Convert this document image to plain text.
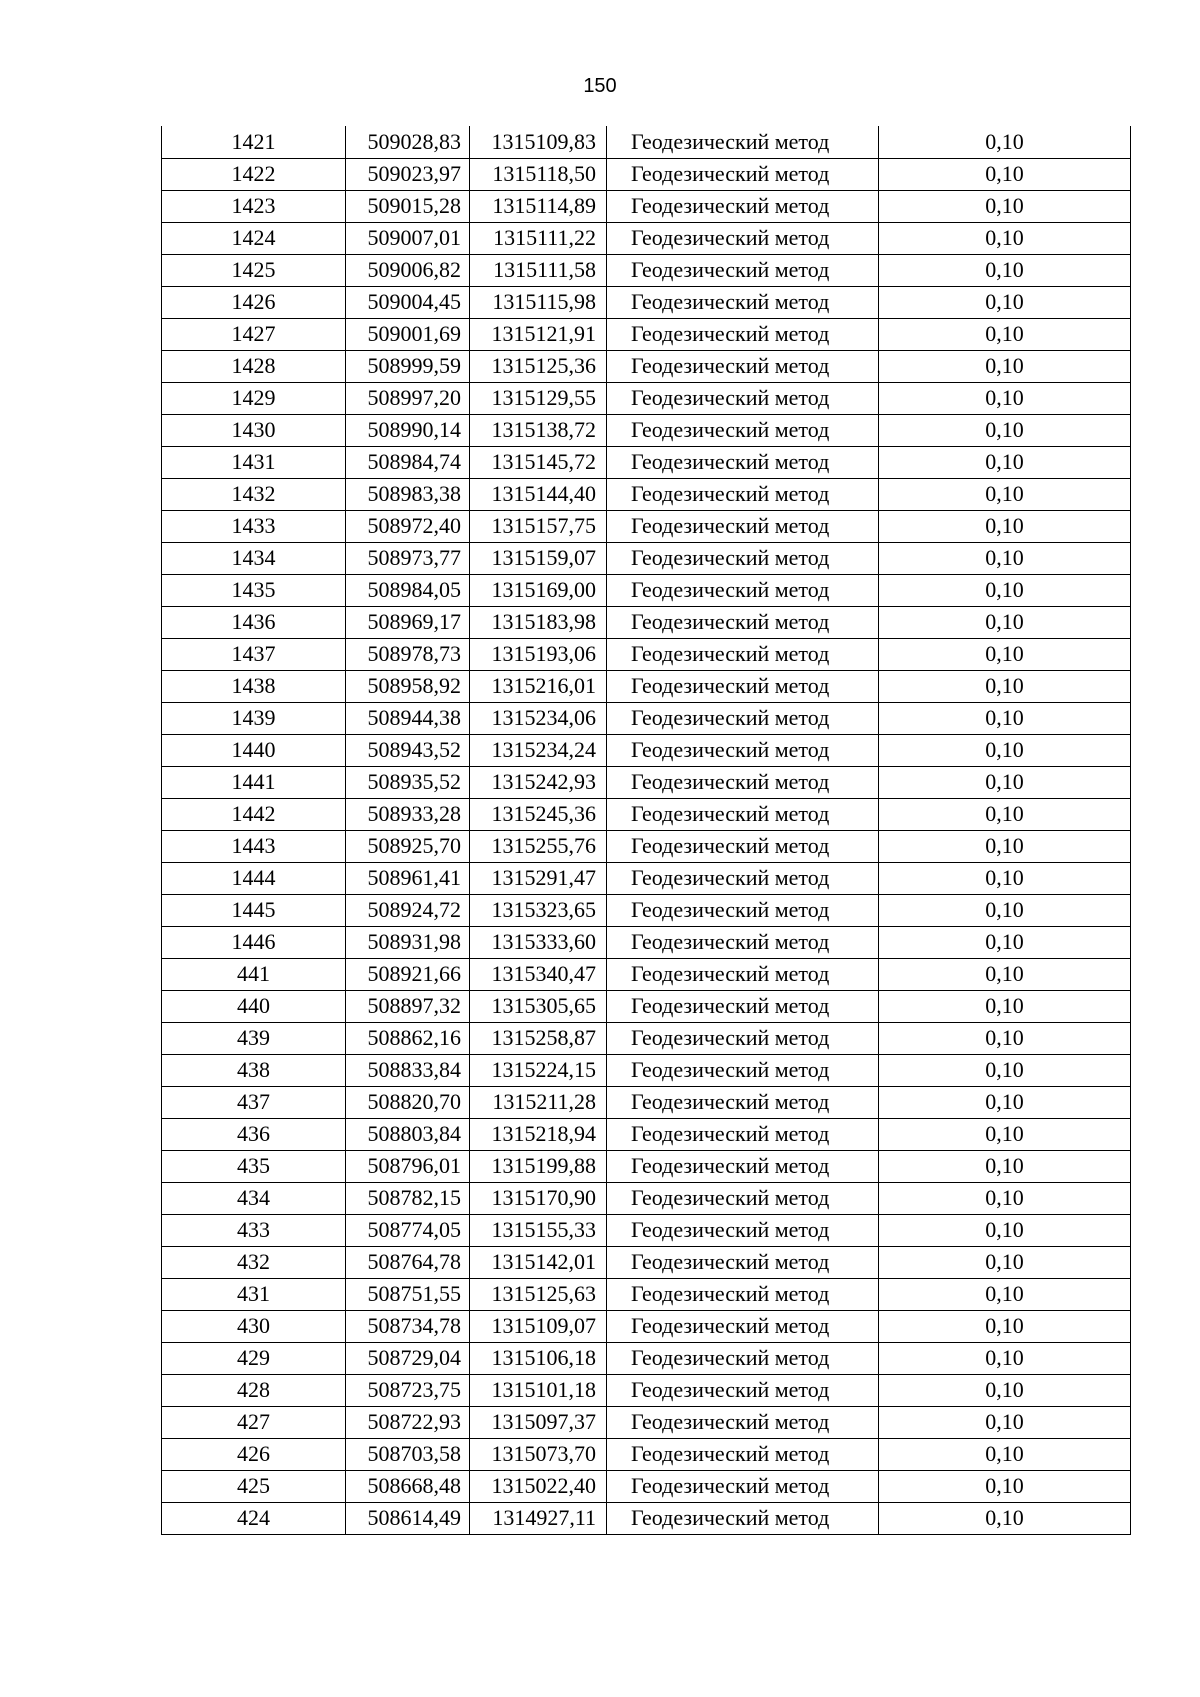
150
1421	509028,83	1315109,83	Геодезический метод	0,10
1422	509023,97	1315118,50	Геодезический метод	0,10
1423	509015,28	1315114,89	Геодезический метод	0,10
1424	509007,01	1315111,22	Геодезический метод	0,10
1425	509006,82	1315111,58	Геодезический метод	0,10
1426	509004,45	1315115,98	Геодезический метод	0,10
1427	509001,69	1315121,91	Геодезический метод	0,10
1428	508999,59	1315125,36	Геодезический метод	0,10
1429	508997,20	1315129,55	Геодезический метод	0,10
1430	508990,14	1315138,72	Геодезический метод	0,10
1431	508984,74	1315145,72	Геодезический метод	0,10
1432	508983,38	1315144,40	Геодезический метод	0,10
1433	508972,40	1315157,75	Геодезический метод	0,10
1434	508973,77	1315159,07	Геодезический метод	0,10
1435	508984,05	1315169,00	Геодезический метод	0,10
1436	508969,17	1315183,98	Геодезический метод	0,10
1437	508978,73	1315193,06	Геодезический метод	0,10
1438	508958,92	1315216,01	Геодезический метод	0,10
1439	508944,38	1315234,06	Геодезический метод	0,10
1440	508943,52	1315234,24	Геодезический метод	0,10
1441	508935,52	1315242,93	Геодезический метод	0,10
1442	508933,28	1315245,36	Геодезический метод	0,10
1443	508925,70	1315255,76	Геодезический метод	0,10
1444	508961,41	1315291,47	Геодезический метод	0,10
1445	508924,72	1315323,65	Геодезический метод	0,10
1446	508931,98	1315333,60	Геодезический метод	0,10
441	508921,66	1315340,47	Геодезический метод	0,10
440	508897,32	1315305,65	Геодезический метод	0,10
439	508862,16	1315258,87	Геодезический метод	0,10
438	508833,84	1315224,15	Геодезический метод	0,10
437	508820,70	1315211,28	Геодезический метод	0,10
436	508803,84	1315218,94	Геодезический метод	0,10
435	508796,01	1315199,88	Геодезический метод	0,10
434	508782,15	1315170,90	Геодезический метод	0,10
433	508774,05	1315155,33	Геодезический метод	0,10
432	508764,78	1315142,01	Геодезический метод	0,10
431	508751,55	1315125,63	Геодезический метод	0,10
430	508734,78	1315109,07	Геодезический метод	0,10
429	508729,04	1315106,18	Геодезический метод	0,10
428	508723,75	1315101,18	Геодезический метод	0,10
427	508722,93	1315097,37	Геодезический метод	0,10
426	508703,58	1315073,70	Геодезический метод	0,10
425	508668,48	1315022,40	Геодезический метод	0,10
424	508614,49	1314927,11	Геодезический метод	0,10
